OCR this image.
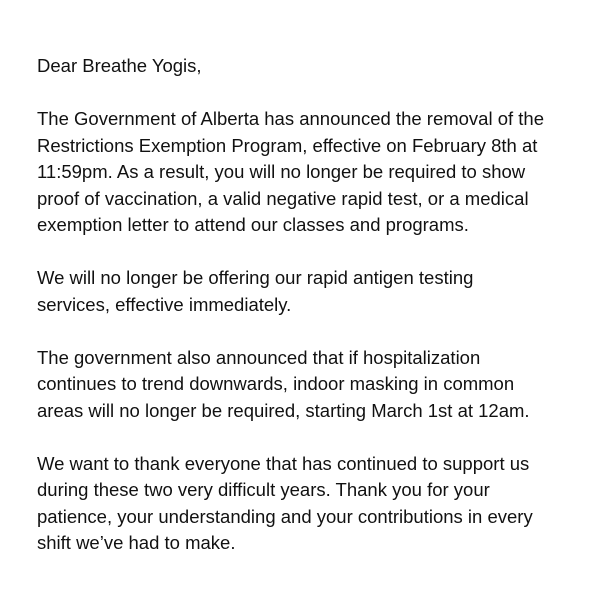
Dear Breathe Yogis,

The Government of Alberta has announced the removal of the
Restrictions Exemption Program, effective on February 8th at
11:59pm. As a result, you will no longer be required to show
proof of vaccination, a valid negative rapid test, or a medical
exemption letter to attend our classes and programs.

We will no longer be offering our rapid antigen testing
services, effective immediately.

The government also announced that if hospitalization
continues to trend downwards, indoor masking in common
areas will no longer be required, starting March 1st at 12am.

We want to thank everyone that has continued to support us
during these two very difficult years. Thank you for your
patience, your understanding and your contributions in every
shift we’ve had to make.
